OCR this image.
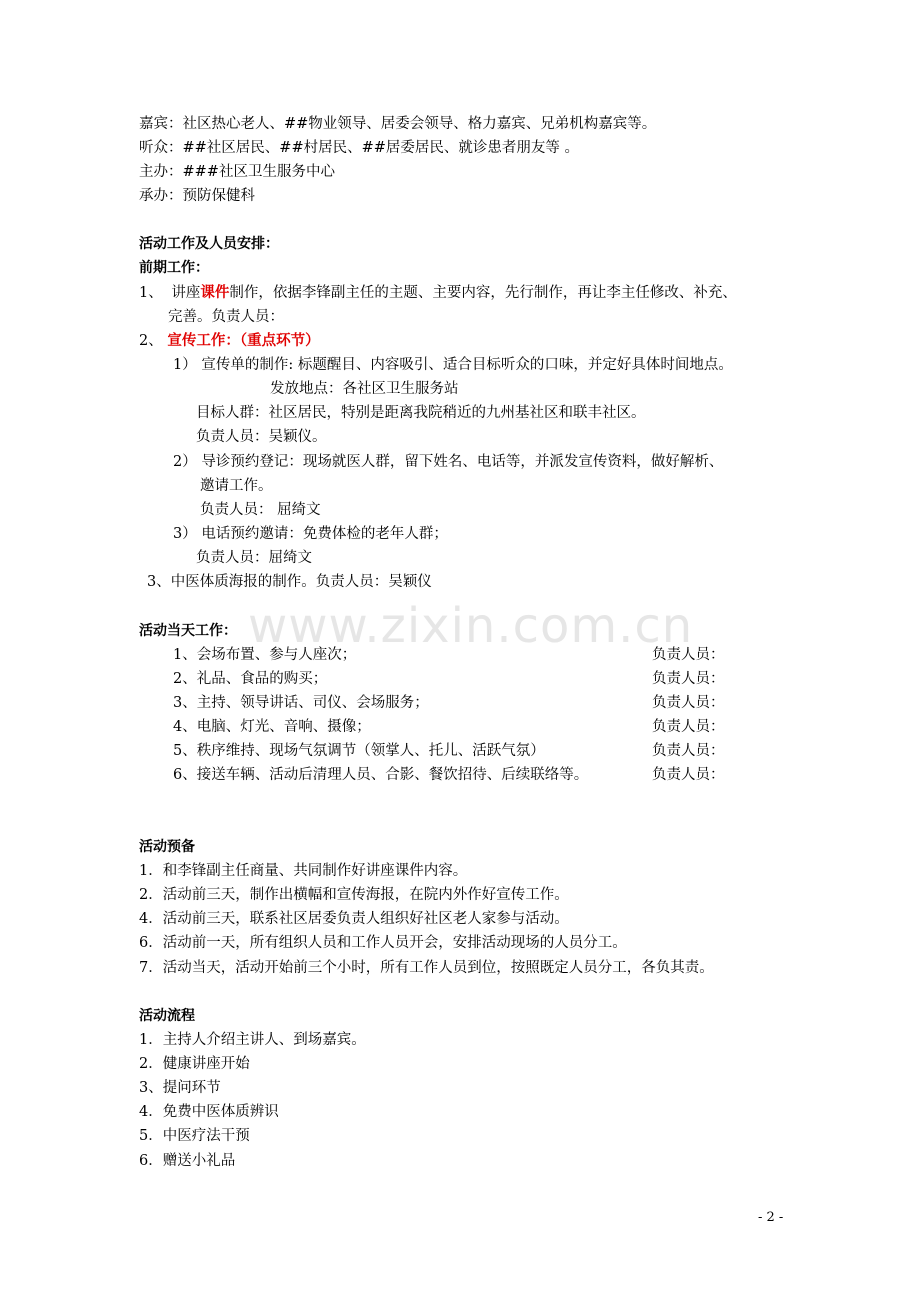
www.zixin.com.cn
嘉宾：社区热心老人、##物业领导、居委会领导、格力嘉宾、兄弟机构嘉宾等。
听众：##社区居民、##村居民、##居委居民、就诊患者朋友等 。
主办：###社区卫生服务中心
承办：预防保健科
活动工作及人员安排：
前期工作：
1、 讲座课件制作，依据李锋副主任的主题、主要内容，先行制作，再让李主任修改、补充、
完善。负责人员：
2、 宣传工作：（重点环节）
1） 宣传单的制作: 标题醒目、内容吸引、适合目标听众的口味，并定好具体时间地点。
发放地点：各社区卫生服务站
目标人群：社区居民，特别是距离我院稍近的九州基社区和联丰社区。
负责人员：吴颖仪。
2） 导诊预约登记：现场就医人群，留下姓名、电话等，并派发宣传资料，做好解析、
邀请工作。
负责人员： 屈绮文
3） 电话预约邀请：免费体检的老年人群；
负责人员：屈绮文
3、中医体质海报的制作。负责人员：吴颖仪
活动当天工作：
1、会场布置、参与人座次；	负责人员：
2、礼品、食品的购买；	负责人员：
3、主持、领导讲话、司仪、会场服务；	负责人员：
4、电脑、灯光、音响、摄像；	负责人员：
5、秩序维持、现场气氛调节（领掌人、托儿、活跃气氛）	负责人员：
6、接送车辆、活动后清理人员、合影、餐饮招待、后续联络等。	负责人员：
活动预备
1．和李锋副主任商量、共同制作好讲座课件内容。
2．活动前三天，制作出横幅和宣传海报，在院内外作好宣传工作。
4．活动前三天，联系社区居委负责人组织好社区老人家参与活动。
6．活动前一天，所有组织人员和工作人员开会，安排活动现场的人员分工。
7．活动当天，活动开始前三个小时，所有工作人员到位，按照既定人员分工，各负其责。
活动流程
1．主持人介绍主讲人、到场嘉宾。
2．健康讲座开始
3、提问环节
4．免费中医体质辨识
5．中医疗法干预
6．赠送小礼品
- 2 -
